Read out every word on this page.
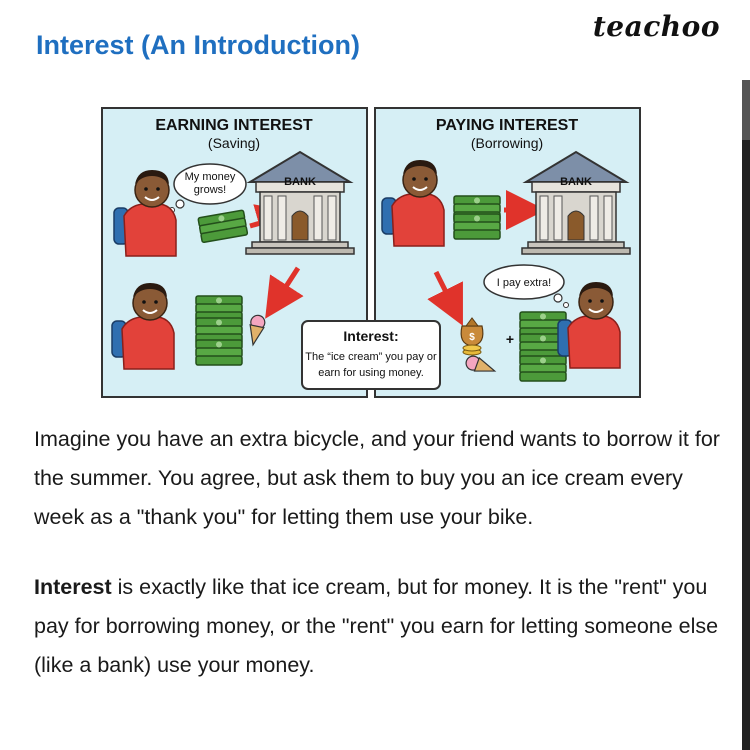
Interest (An Introduction)
teachoo
EARNING INTEREST
(Saving)
PAYING INTEREST
(Borrowing)
My money
grows!
BANK	BANK
I pay extra!
$ +
Interest:
The “ice cream” you pay or
earn for using money.

Imagine you have an extra bicycle, and your friend wants to borrow it for the summer. You agree, but ask them to buy you an ice cream every week as a "thank you" for letting them use your bike.

Interest is exactly like that ice cream, but for money. It is the "rent" you pay for borrowing money, or the "rent" you earn for letting someone else (like a bank) use your money.
